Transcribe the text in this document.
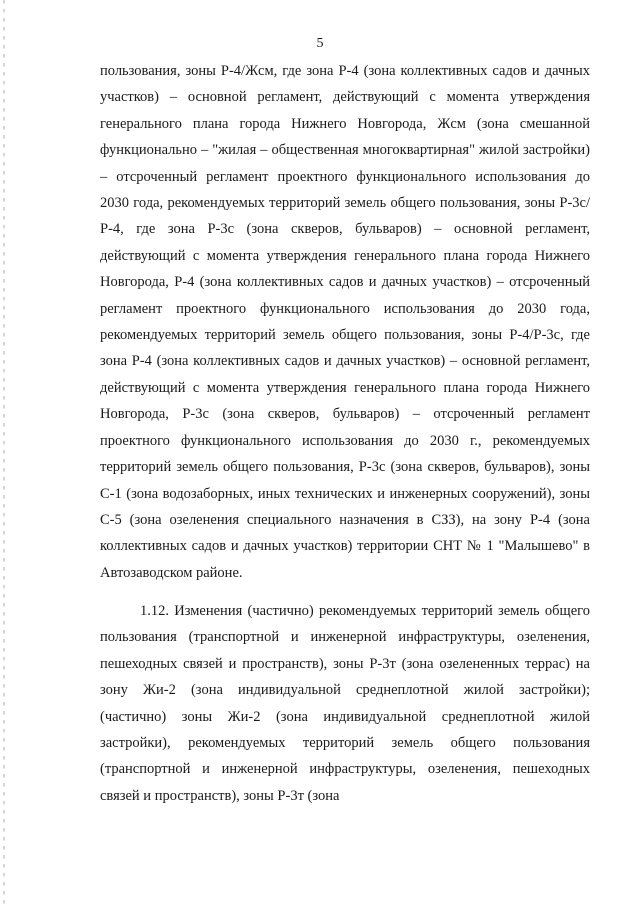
5

пользования, зоны Р-4/Жсм, где зона Р-4 (зона коллективных садов и дачных участков) – основной регламент, действующий с момента утверждения генерального плана города Нижнего Новгорода, Жсм (зона смешанной функционально – "жилая – общественная многоквартирная" жилой застройки) – отсроченный регламент проектного функционального использования до 2030 года, рекомендуемых территорий земель общего пользования, зоны Р-3с/Р-4, где зона Р-3с (зона скверов, бульваров) – основной регламент, действующий с момента утверждения генерального плана города Нижнего Новгорода, Р-4 (зона коллективных садов и дачных участков) – отсроченный регламент проектного функционального использования до 2030 года, рекомендуемых территорий земель общего пользования, зоны Р-4/Р-3с, где зона Р-4 (зона коллективных садов и дачных участков) – основной регламент, действующий с момента утверждения генерального плана города Нижнего Новгорода, Р-3с (зона скверов, бульваров) – отсроченный регламент проектного функционального использования до 2030 г., рекомендуемых территорий земель общего пользования, Р-3с (зона скверов, бульваров), зоны С-1 (зона водозаборных, иных технических и инженерных сооружений), зоны С-5 (зона озеленения специального назначения в СЗЗ), на зону Р-4 (зона коллективных садов и дачных участков) территории СНТ № 1 "Малышево" в Автозаводском районе.

1.12. Изменения (частично) рекомендуемых территорий земель общего пользования (транспортной и инженерной инфраструктуры, озеленения, пешеходных связей и пространств), зоны Р-3т (зона озелененных террас) на зону Жи-2 (зона индивидуальной среднеплотной жилой застройки); (частично) зоны Жи-2 (зона индивидуальной среднеплотной жилой застройки), рекомендуемых территорий земель общего пользования (транспортной и инженерной инфраструктуры, озеленения, пешеходных связей и пространств), зоны Р-3т (зона
